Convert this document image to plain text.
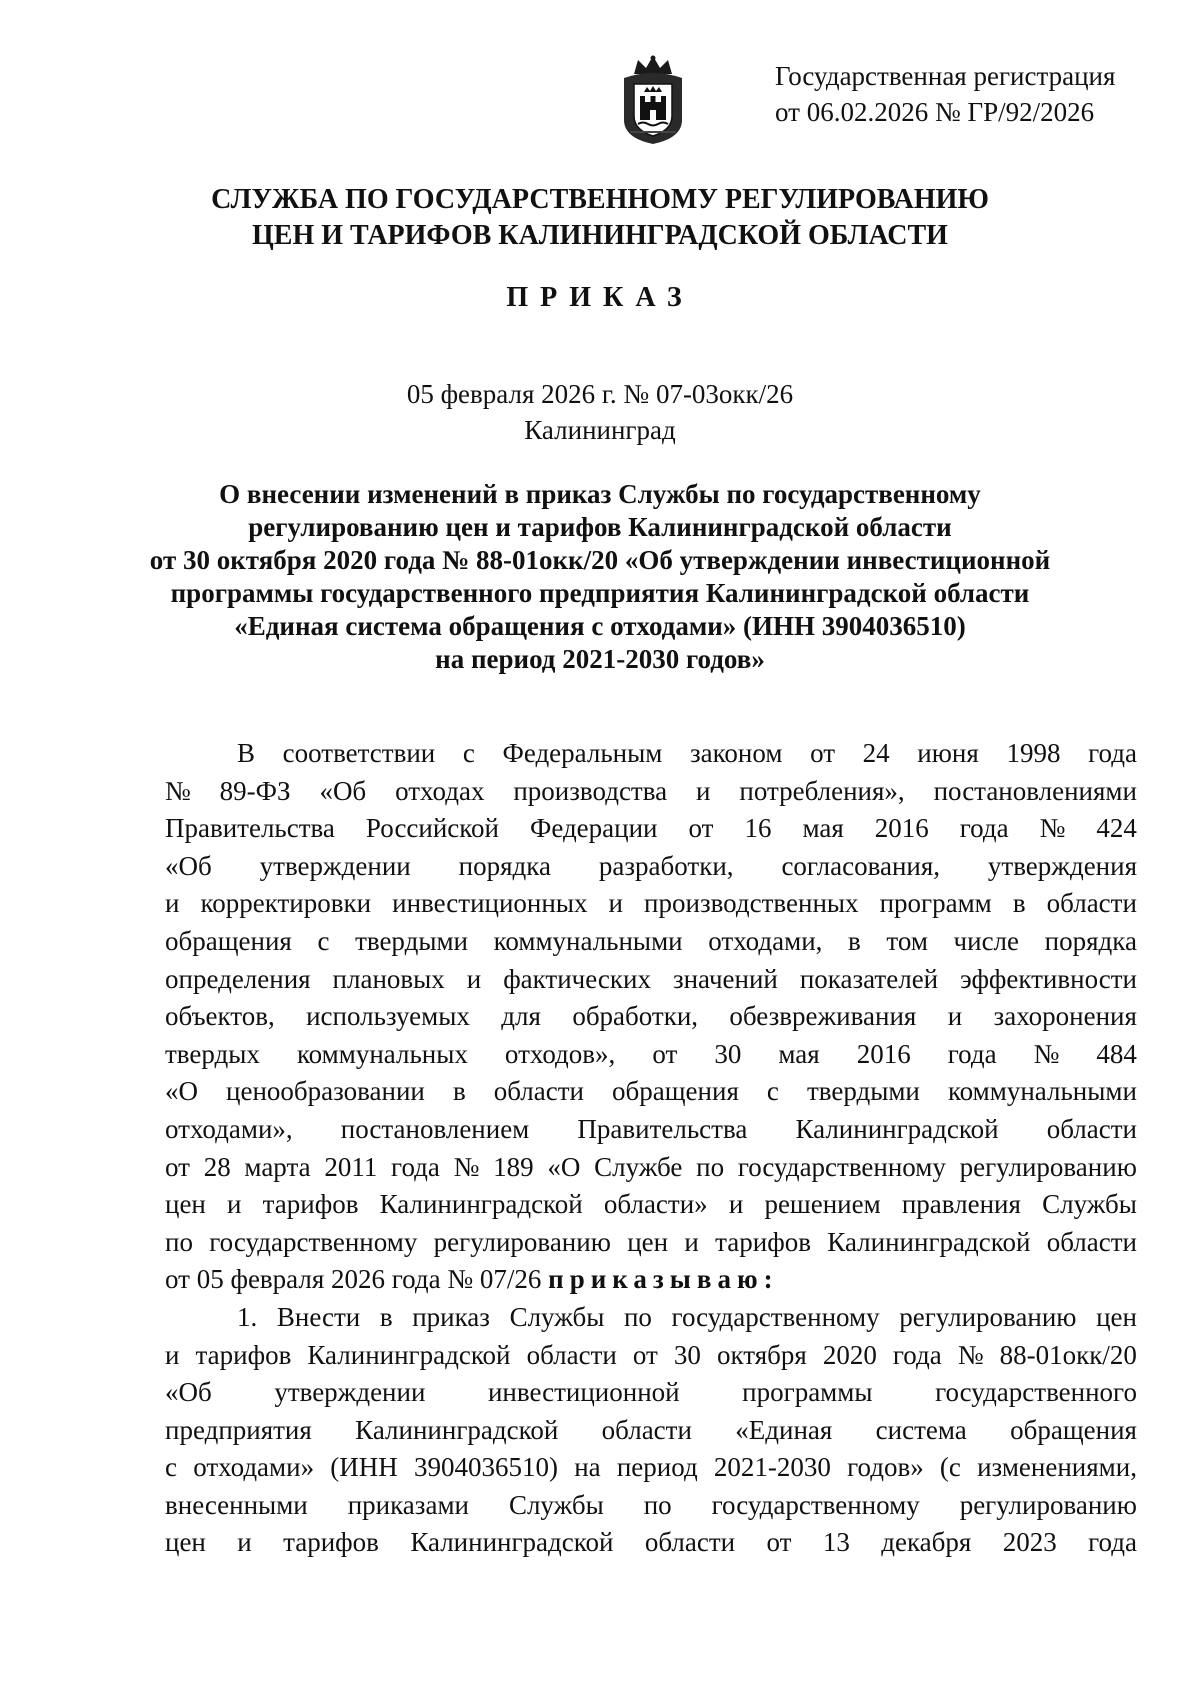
Государственная регистрация
от 06.02.2026 № ГР/92/2026
СЛУЖБА ПО ГОСУДАРСТВЕННОМУ РЕГУЛИРОВАНИЮ
ЦЕН И ТАРИФОВ КАЛИНИНГРАДСКОЙ ОБЛАСТИ
ПРИКАЗ
05 февраля 2026 г. № 07-03окк/26
Калининград
О внесении изменений в приказ Службы по государственному
регулированию цен и тарифов Калининградской области
от 30 октября 2020 года № 88-01окк/20 «Об утверждении инвестиционной
программы государственного предприятия Калининградской области
«Единая система обращения с отходами» (ИНН 3904036510)
на период 2021-2030 годов»
В соответствии с Федеральным законом от 24 июня 1998 года
№ 89-ФЗ «Об отходах производства и потребления», постановлениями
Правительства Российской Федерации от 16 мая 2016 года № 424
«Об утверждении порядка разработки, согласования, утверждения
и корректировки инвестиционных и производственных программ в области
обращения с твердыми коммунальными отходами, в том числе порядка
определения плановых и фактических значений показателей эффективности
объектов, используемых для обработки, обезвреживания и захоронения
твердых коммунальных отходов», от 30 мая 2016 года № 484
«О ценообразовании в области обращения с твердыми коммунальными
отходами», постановлением Правительства Калининградской области
от 28 марта 2011 года № 189 «О Службе по государственному регулированию
цен и тарифов Калининградской области» и решением правления Службы
по государственному регулированию цен и тарифов Калининградской области
от 05 февраля 2026 года № 07/26 приказываю:
1. Внести в приказ Службы по государственному регулированию цен
и тарифов Калининградской области от 30 октября 2020 года № 88-01окк/20
«Об утверждении инвестиционной программы государственного
предприятия Калининградской области «Единая система обращения
с отходами» (ИНН 3904036510) на период 2021-2030 годов» (с изменениями,
внесенными приказами Службы по государственному регулированию
цен и тарифов Калининградской области от 13 декабря 2023 года
